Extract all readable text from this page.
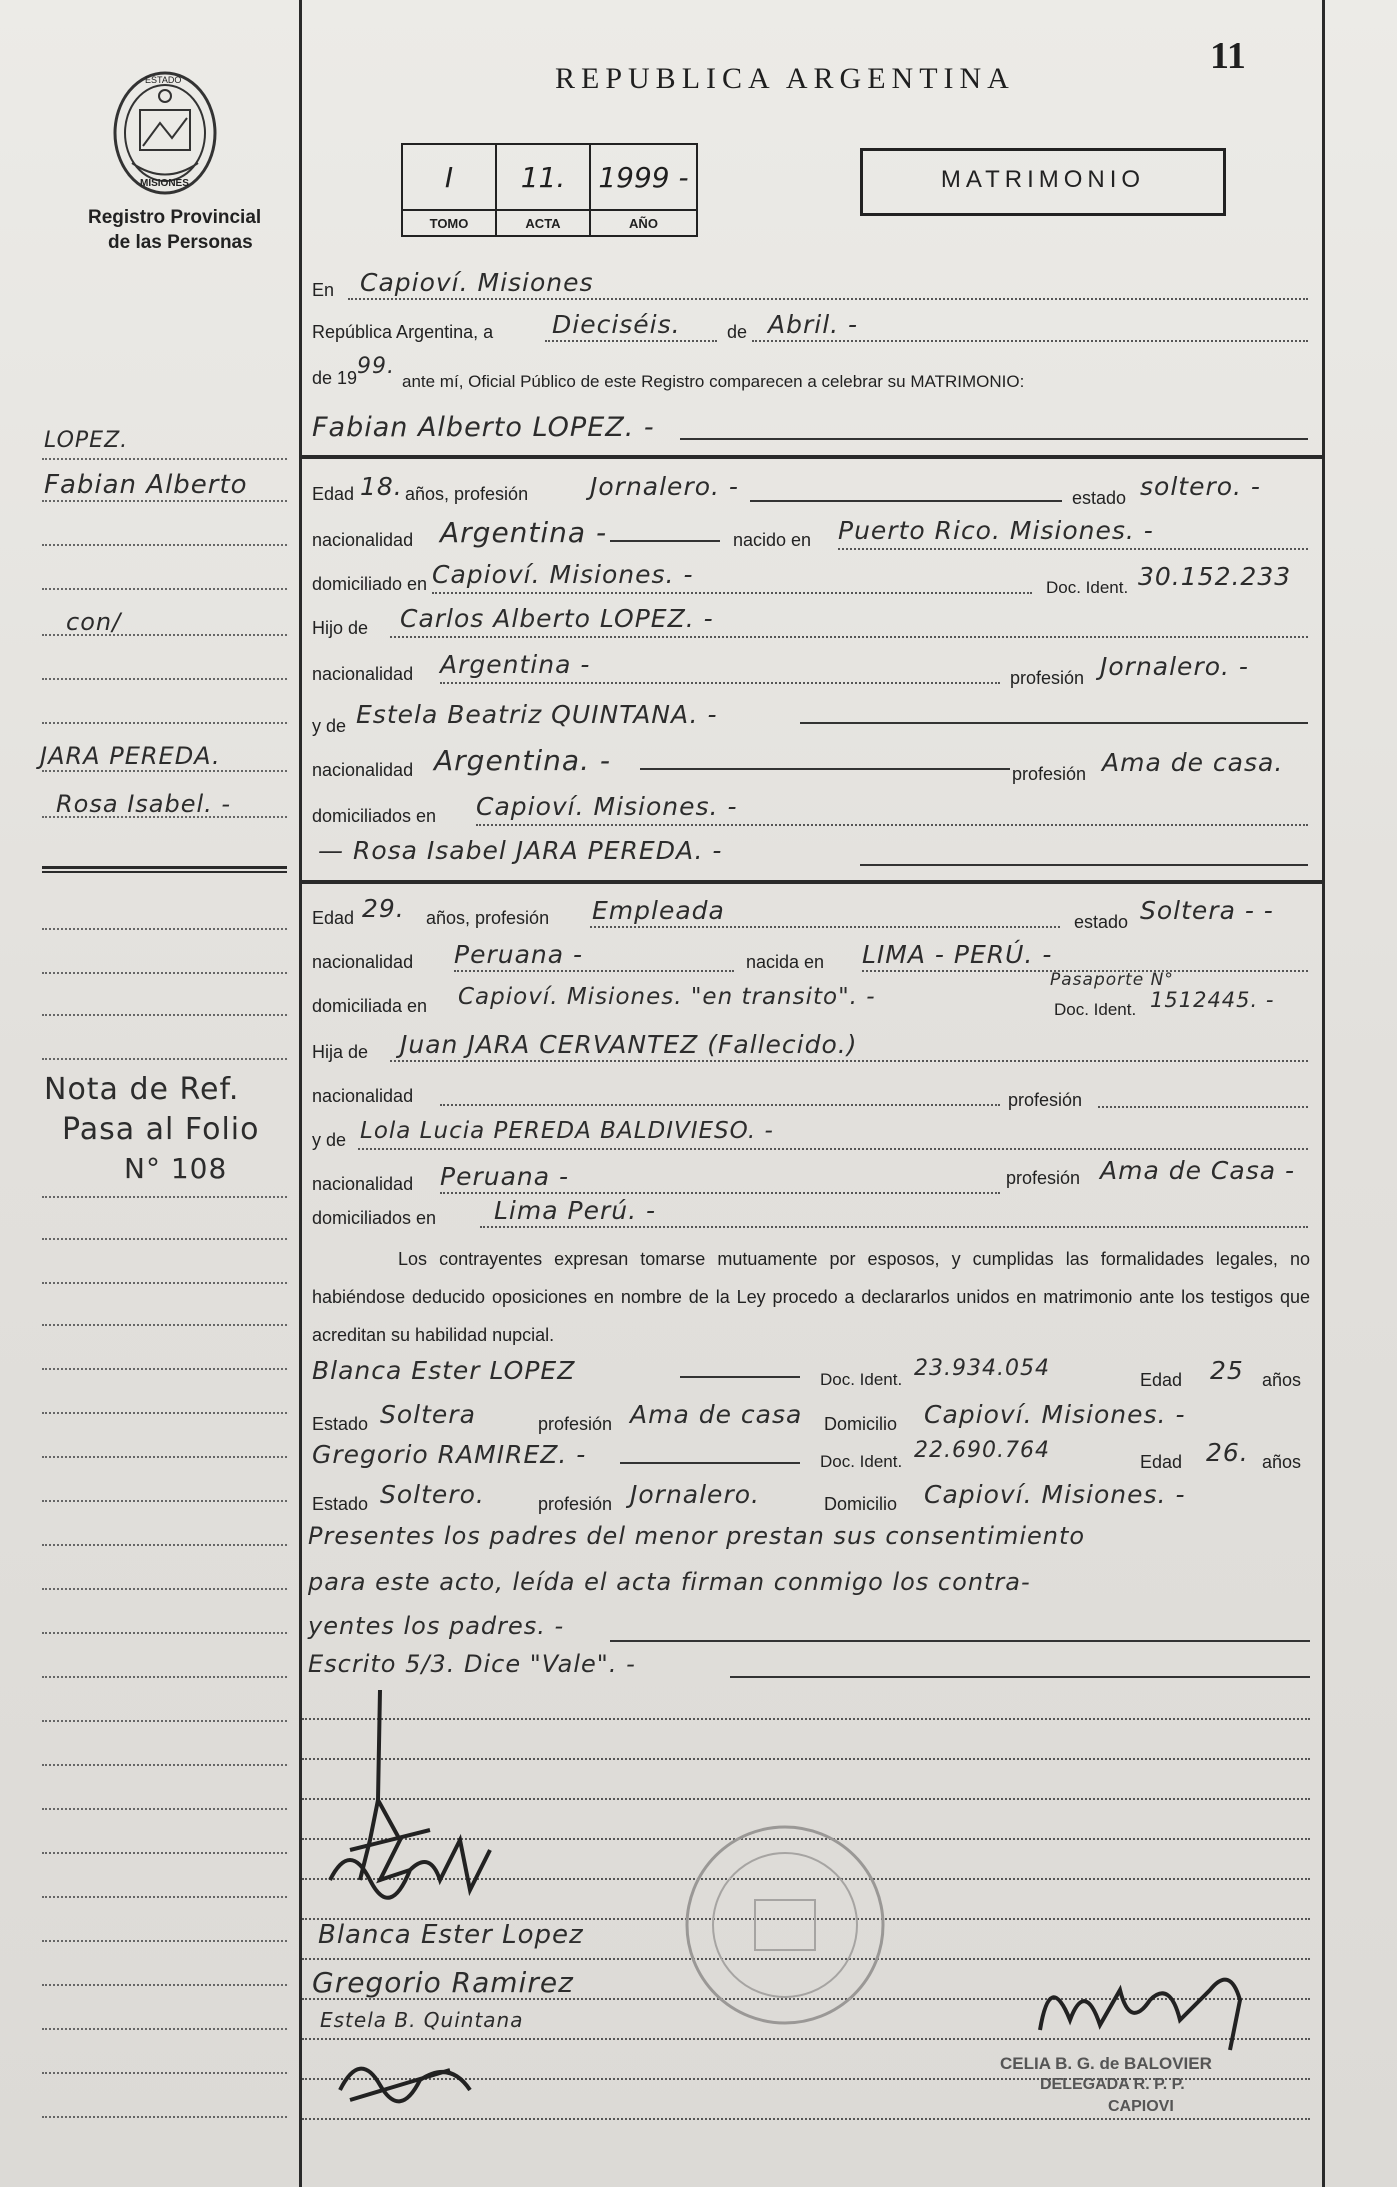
ESTADO
MISIONES
Registro Provincial
de las Personas
REPUBLICA ARGENTINA
11
I	11.	1999 -
TOMO	ACTA	AÑO
MATRIMONIO
En Capioví. Misiones
República Argentina, a Dieciséis.	de Abril. -
de 19 99.
ante mí, Oficial Público de este Registro comparecen a celebrar su MATRIMONIO:
Fabian Alberto LOPEZ. -
Edad 18. años, profesión Jornalero. -	estado soltero. -
nacionalidad Argentina -	nacido en Puerto Rico. Misiones. -
domiciliado en Capioví. Misiones. -	Doc. Ident. 30.152.233
Hijo de Carlos Alberto LOPEZ. -
nacionalidad Argentina -	profesión Jornalero. -
y de Estela Beatriz QUINTANA. -
nacionalidad Argentina. -	profesión Ama de casa.
domiciliados en Capioví. Misiones. -
— Rosa Isabel JARA PEREDA. -
Edad 29. años, profesión Empleada	estado Soltera - -
nacionalidad Peruana -	nacida en LIMA - PERÚ. -
domiciliada en Capioví. Misiones. "en transito". -
Pasaporte N°
Doc. Ident. 1512445. -
Hija de Juan JARA CERVANTEZ (Fallecido.)
nacionalidad	profesión
y de Lola Lucia PEREDA BALDIVIESO. -
nacionalidad Peruana -	profesión Ama de Casa -
domiciliados en Lima Perú. -
Los contrayentes expresan tomarse mutuamente por esposos, y cumplidas las formalidades legales, no habiéndose deducido oposiciones en nombre de la Ley procedo a declararlos unidos en matrimonio ante los testigos que acreditan su habilidad nupcial.
Blanca Ester LOPEZ	Doc. Ident. 23.934.054	Edad 25 años
Estado Soltera	profesión Ama de casa Domicilio Capioví. Misiones. -
Gregorio RAMIREZ. -	Doc. Ident. 22.690.764	Edad 26. años
Estado Soltero.	profesión Jornalero.	Domicilio Capioví. Misiones. -
Presentes los padres del menor prestan sus consentimiento
para este acto, leída el acta firman conmigo los contra-
yentes los padres. -
Escrito 5/3. Dice "Vale". -
Blanca Ester Lopez
Gregorio Ramirez
Estela B. Quintana
CELIA B. G. de BALOVIER
DELEGADA R. P. P.
CAPIOVI
LOPEZ.
Fabian Alberto
con/
JARA PEREDA.
Rosa Isabel. -
Nota de Ref.
Pasa al Folio
N° 108
